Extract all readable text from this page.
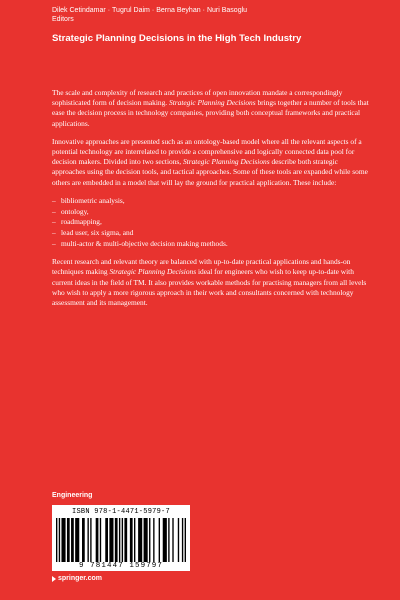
Dilek Cetindamar · Tugrul Daim · Berna Beyhan · Nuri Basoglu
Editors
Strategic Planning Decisions in the High Tech Industry

The scale and complexity of research and practices of open innovation mandate a correspondingly sophisticated form of decision making. Strategic Planning Decisions brings together a number of tools that ease the decision process in technology companies, providing both conceptual frameworks and practical applications.

Innovative approaches are presented such as an ontology-based model where all the relevant aspects of a potential technology are interrelated to provide a comprehensive and logically connected data pool for decision makers. Divided into two sections, Strategic Planning Decisions describe both strategic approaches using the decision tools, and tactical approaches. Some of these tools are expanded while some others are embedded in a model that will lay the ground for practical application. These include:

– bibliometric analysis,
– ontology,
– roadmapping,
– lead user, six sigma, and
– multi-actor & multi-objective decision making methods.

Recent research and relevant theory are balanced with up-to-date practical applications and hands-on techniques making Strategic Planning Decisions ideal for engineers who wish to keep up-to-date with current ideas in the field of TM. It also provides workable methods for practising managers from all levels who wish to apply a more rigorous approach in their work and consultants concerned with technology assessment and its management.

Engineering
ISBN 978-1-4471-5979-7
9 781447 159797
springer.com
